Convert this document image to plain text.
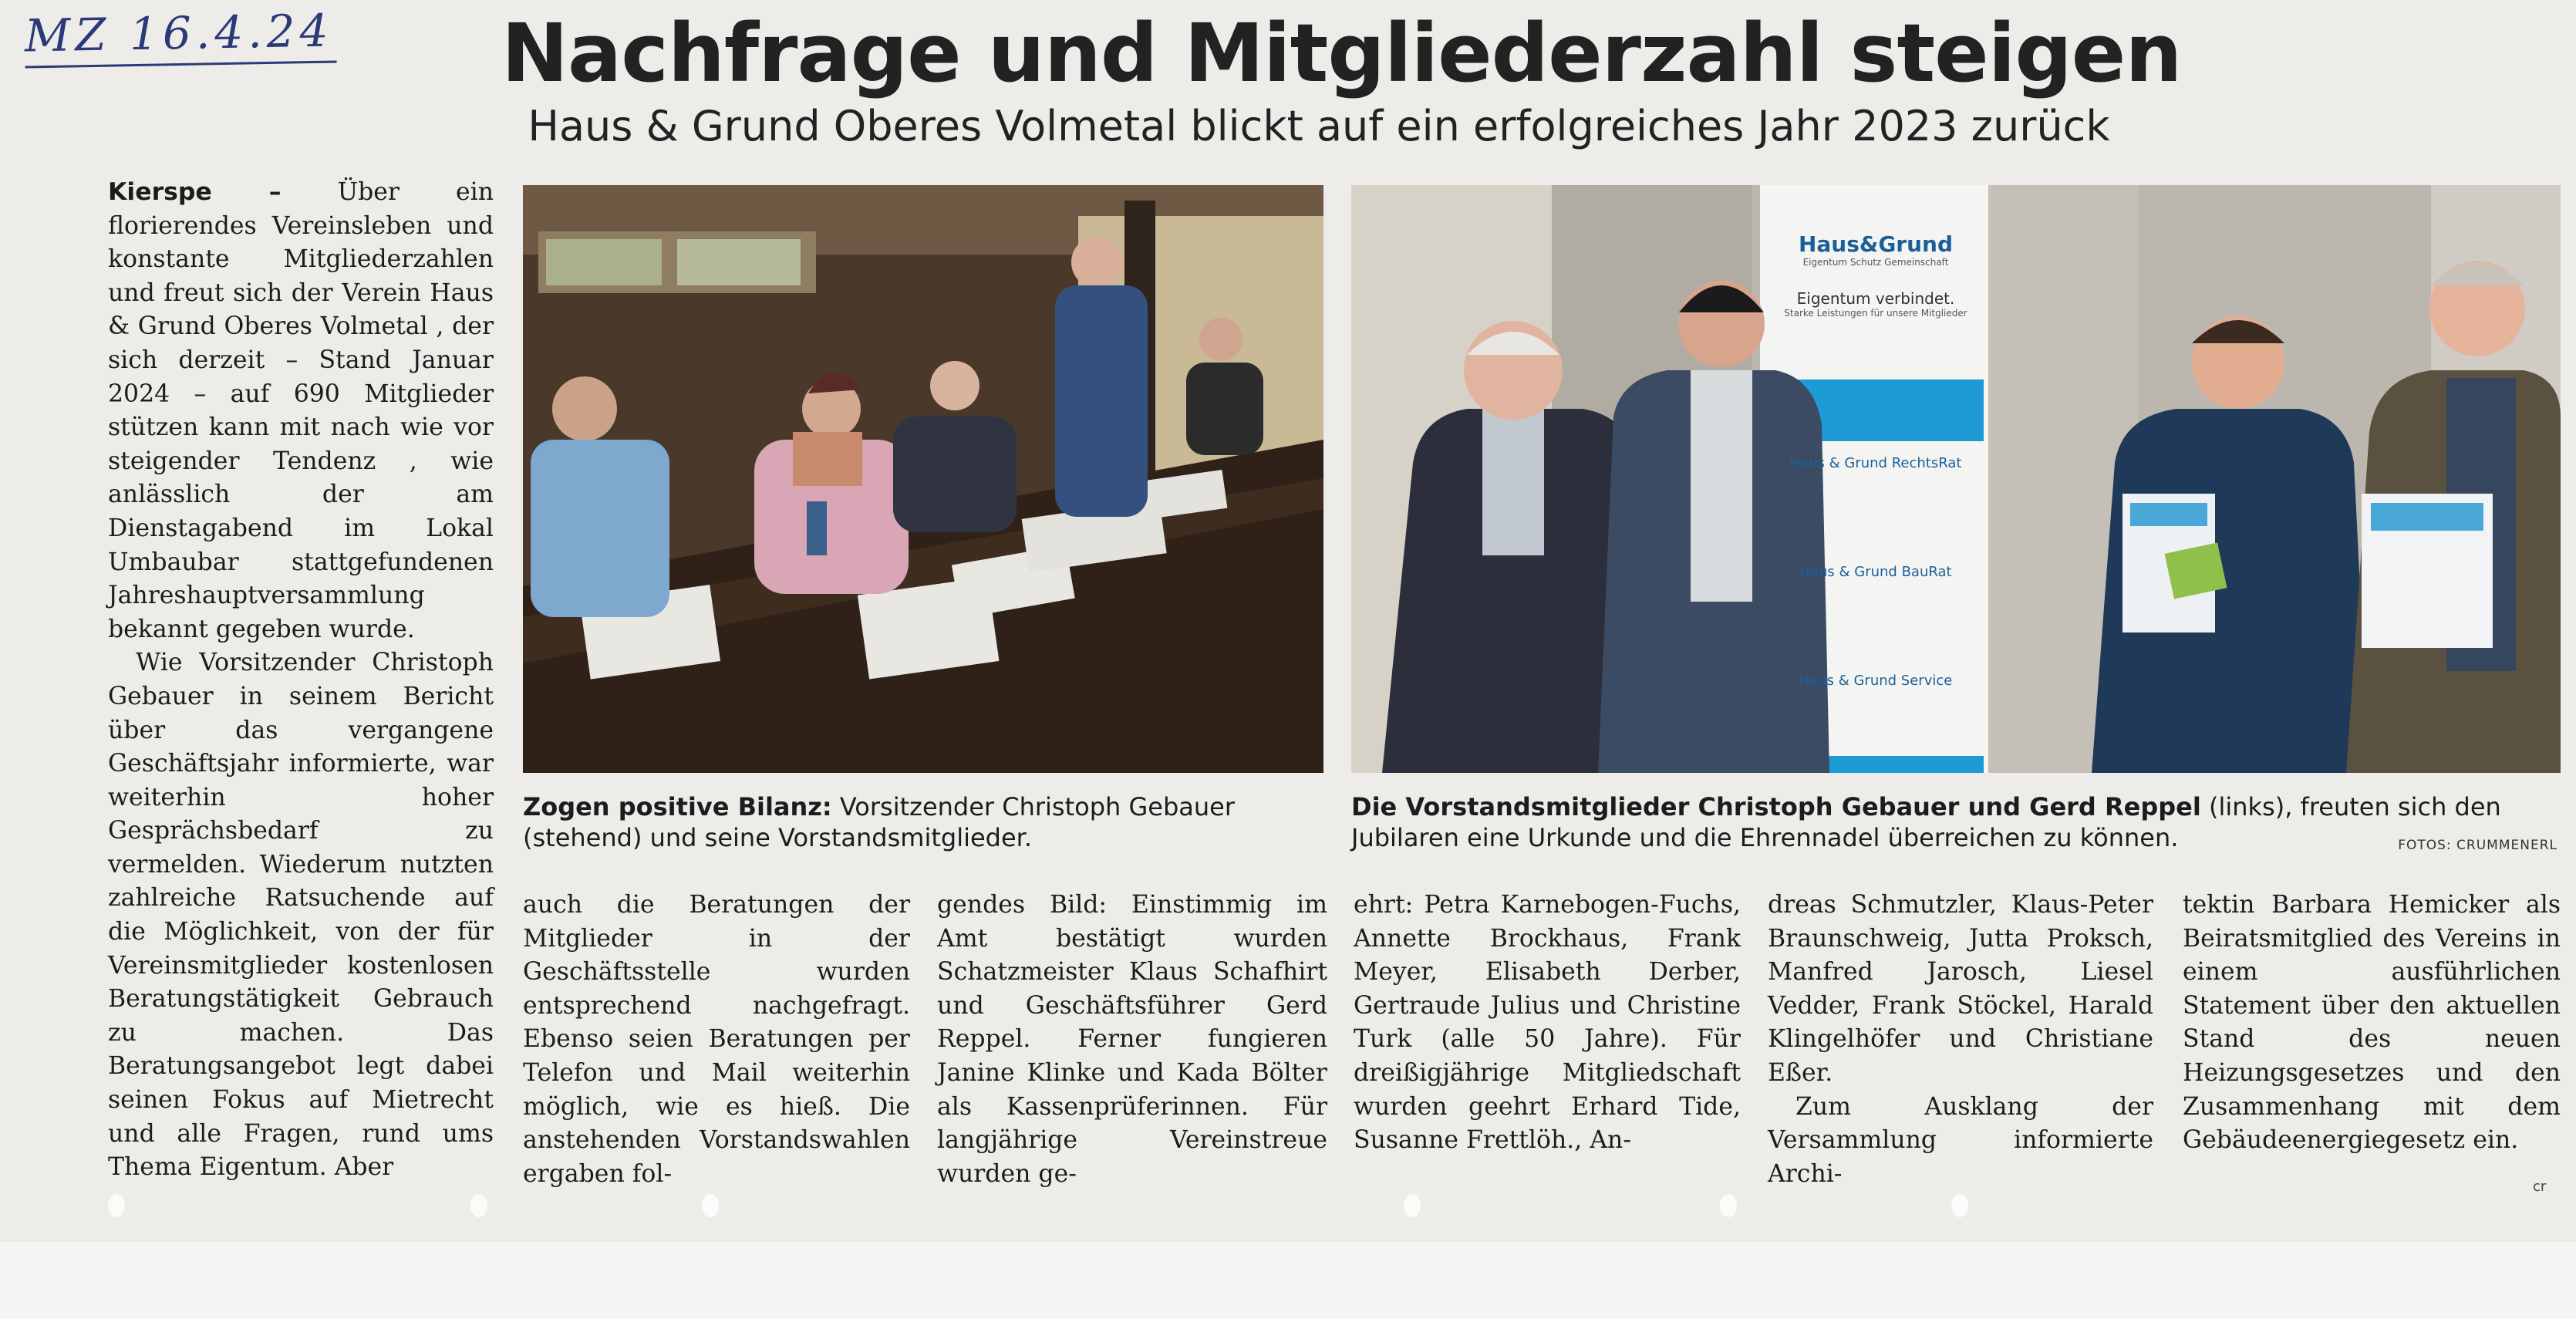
MZ 16.4.24 Nachfrage und Mitgliederzahl steigen
Haus & Grund Oberes Volmetal blickt auf ein erfolgreiches Jahr 2023 zurück

Kierspe – Über ein florierendes Vereinsleben und konstante Mitgliederzahlen und freut sich der Verein Haus & Grund Oberes Volmetal , der sich derzeit – Stand Januar 2024 – auf 690 Mitglieder stützen kann mit nach wie vor steigender Tendenz , wie anlässlich der am Dienstagabend im Lokal Umbaubar stattgefundenen Jahreshauptversammlung bekannt gegeben wurde.

Wie Vorsitzender Christoph Gebauer in seinem Bericht über das vergangene Geschäftsjahr informierte, war weiterhin hoher Gesprächsbedarf zu vermelden. Wiederum nutzten zahlreiche Ratsuchende auf die Möglichkeit, von der für Vereinsmitglieder kostenlosen Beratungstätigkeit Gebrauch zu machen. Das Beratungsangebot legt dabei seinen Fokus auf Mietrecht und alle Fragen, rund ums Thema Eigentum. Aber

Haus&Grund
Eigentum Schutz Gemeinschaft
Eigentum verbindet.
Starke Leistungen für unsere Mitglieder
Haus & Grund RechtsRat
Haus & Grund BauRat
Haus & Grund Service
Zogen positive Bilanz: Vorsitzender Christoph Gebauer (stehend) und seine Vorstandsmitglieder.
Die Vorstandsmitglieder Christoph Gebauer und Gerd Reppel (links), freuten sich den Jubilaren eine Urkunde und die Ehrennadel überreichen zu können.	FOTOS: CRUMMENERL

auch die Beratungen der Mitglieder in der Geschäftsstelle wurden entsprechend nachgefragt. Ebenso seien Beratungen per Telefon und Mail weiterhin möglich, wie es hieß. Die anstehenden Vorstandswahlen ergaben fol-

gendes Bild: Einstimmig im Amt bestätigt wurden Schatzmeister Klaus Schafhirt und Geschäftsführer Gerd Reppel. Ferner fungieren Janine Klinke und Kada Bölter als Kassenprüferinnen. Für langjährige Vereinstreue wurden ge-

ehrt: Petra Karnebogen-Fuchs, Annette Brockhaus, Frank Meyer, Elisabeth Derber, Gertraude Julius und Christine Turk (alle 50 Jahre). Für dreißigjährige Mitgliedschaft wurden geehrt Erhard Tide, Susanne Frettlöh., An-

dreas Schmutzler, Klaus-Peter Braunschweig, Jutta Proksch, Manfred Jarosch, Liesel Vedder, Frank Stöckel, Harald Klingelhöfer und Christiane Eßer.

Zum Ausklang der Versammlung informierte Archi-

tektin Barbara Hemicker als Beiratsmitglied des Vereins in einem ausführlichen Statement über den aktuellen Stand des neuen Heizungsgesetzes und den Zusammenhang mit dem Gebäudeenergiegesetz ein.

cr
